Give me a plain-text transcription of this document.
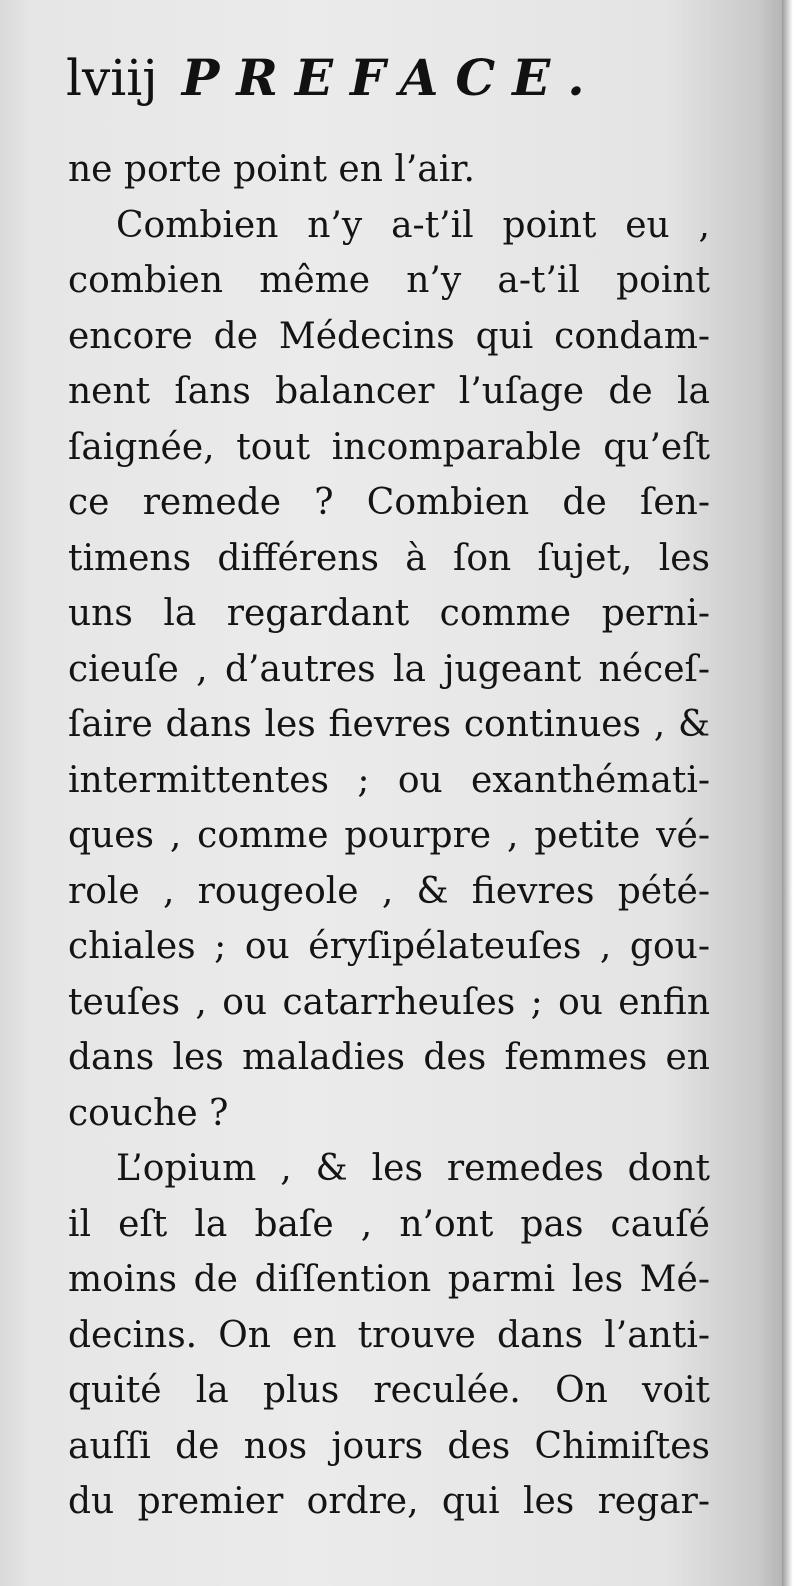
lviij PREFACE.
ne porte point en l’air.
Combien n’y a-t’il point eu ,
combien même n’y a-t’il point
encore de Médecins qui condam-
nent ſans balancer l’uſage de la
ſaignée, tout incomparable qu’eſt
ce remede ? Combien de ſen-
timens différens à ſon ſujet, les
uns la regardant comme perni-
cieuſe , d’autres la jugeant néceſ-
ſaire dans les fievres continues , &
intermittentes ; ou exanthémati-
ques , comme pourpre , petite vé-
role , rougeole , & fievres pété-
chiales ; ou éryſipélateuſes , gou-
teuſes , ou catarrheuſes ; ou enfin
dans les maladies des femmes en
couche ?
L’opium , & les remedes dont
il eſt la baſe , n’ont pas cauſé
moins de diſſention parmi les Mé-
decins. On en trouve dans l’anti-
quité la plus reculée. On voit
auſſi de nos jours des Chimiſtes
du premier ordre, qui les regar-
